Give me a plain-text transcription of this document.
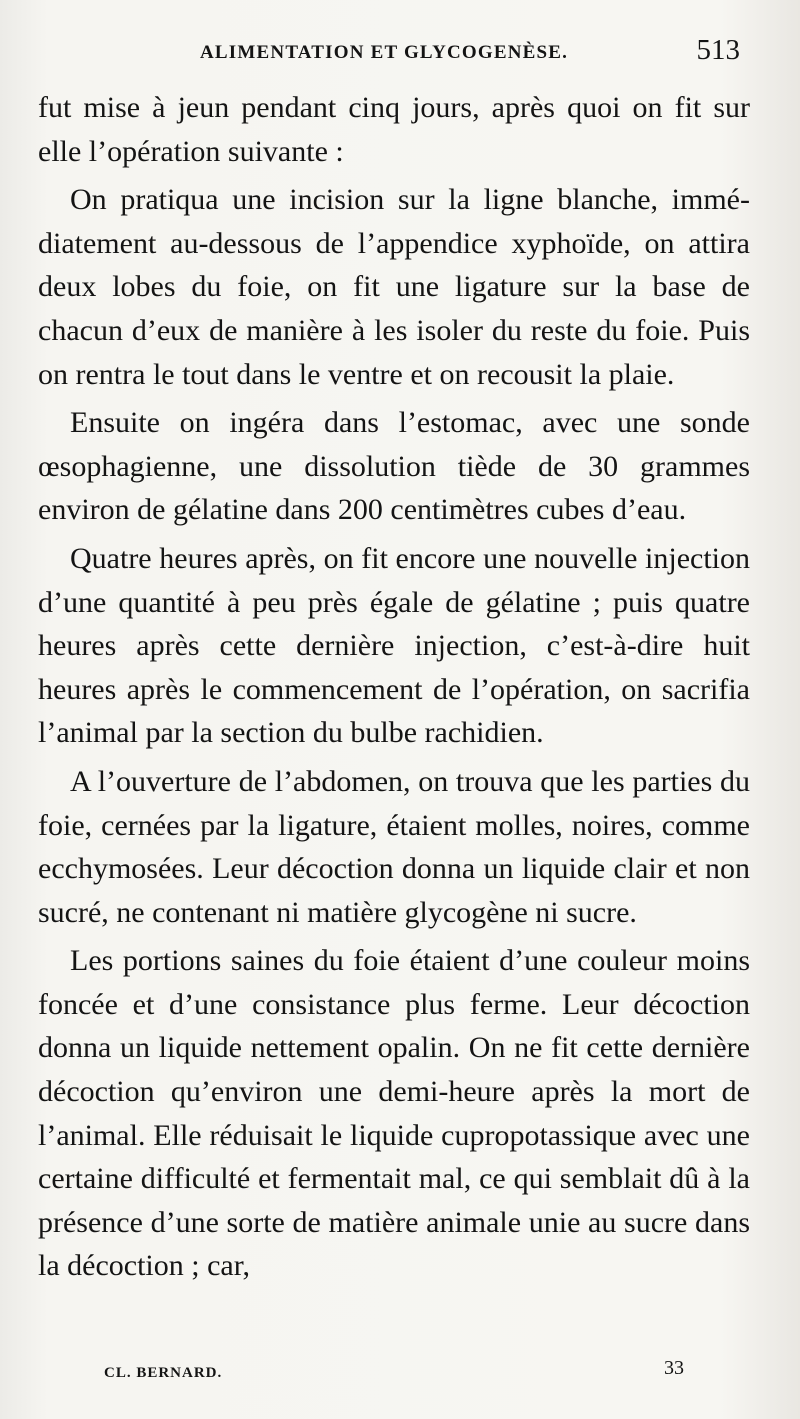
ALIMENTATION ET GLYCOGENÈSE.	513

fut mise à jeun pendant cinq jours, après quoi on fit sur elle l’opération suivante :

On pratiqua une incision sur la ligne blanche, immédiatement au-dessous de l’appendice xyphoïde, on attira deux lobes du foie, on fit une ligature sur la base de chacun d’eux de manière à les isoler du reste du foie. Puis on rentra le tout dans le ventre et on recousit la plaie.

Ensuite on ingéra dans l’estomac, avec une sonde œsophagienne, une dissolution tiède de 30 grammes environ de gélatine dans 200 centimètres cubes d’eau.

Quatre heures après, on fit encore une nouvelle injection d’une quantité à peu près égale de gélatine ; puis quatre heures après cette dernière injection, c’est-à-dire huit heures après le commencement de l’opération, on sacrifia l’animal par la section du bulbe rachidien.

A l’ouverture de l’abdomen, on trouva que les parties du foie, cernées par la ligature, étaient molles, noires, comme ecchymosées. Leur décoction donna un liquide clair et non sucré, ne contenant ni matière glycogène ni sucre.

Les portions saines du foie étaient d’une couleur moins foncée et d’une consistance plus ferme. Leur décoction donna un liquide nettement opalin. On ne fit cette dernière décoction qu’environ une demi-heure après la mort de l’animal. Elle réduisait le liquide cupropotassique avec une certaine difficulté et fermentait mal, ce qui semblait dû à la présence d’une sorte de matière animale unie au sucre dans la décoction ; car,

CL. BERNARD.	33
